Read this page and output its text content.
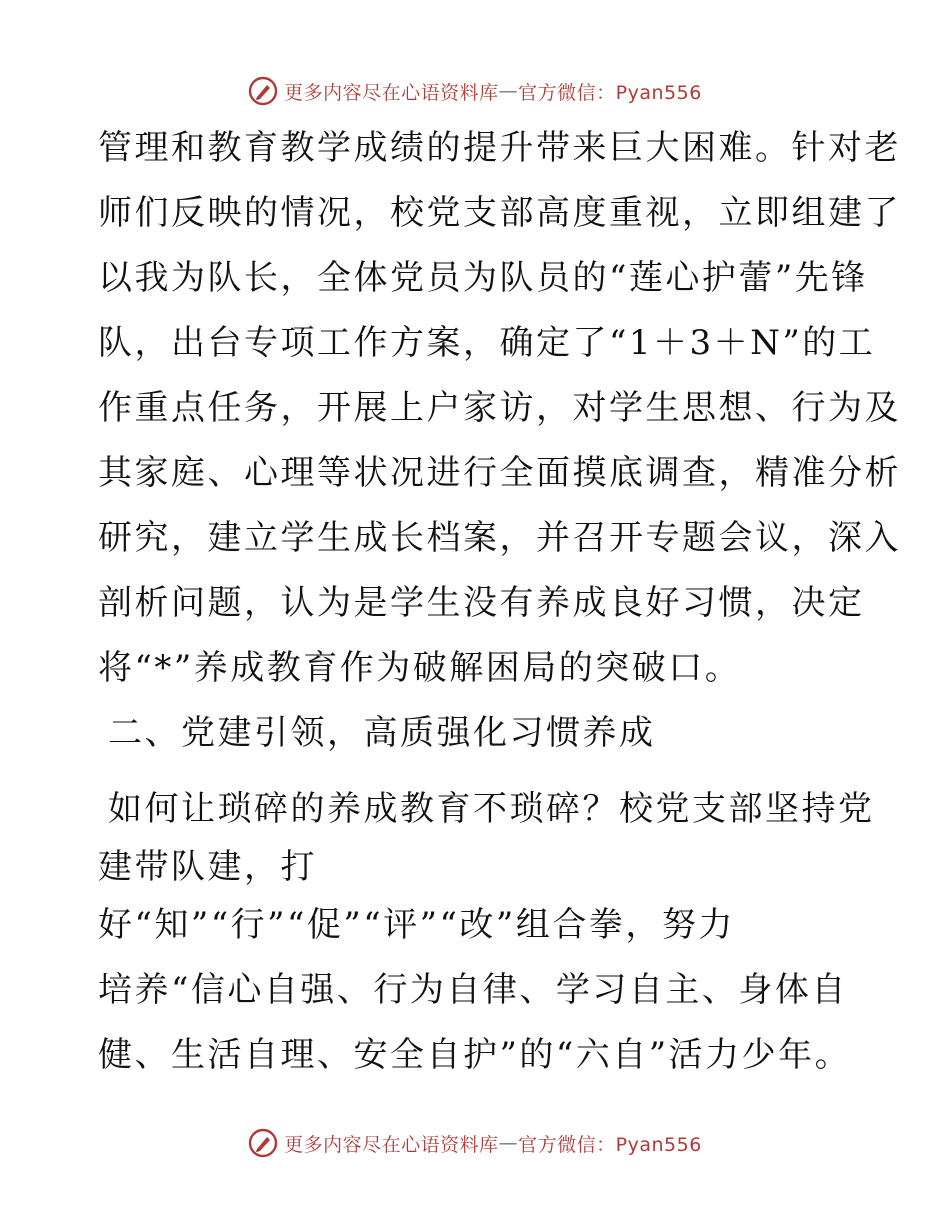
更多内容尽在心语资料库 — 官方微信：Pyan556

管理和教育教学成绩的提升带来巨大困难。针对老

师们反映的情况，校党支部高度重视，立即组建了

以我为队长，全体党员为队员的“莲心护蕾”先锋

队，出台专项工作方案，确定了“1＋3＋N”的工

作重点任务，开展上户家访，对学生思想、行为及

其家庭、心理等状况进行全面摸底调查，精准分析

研究，建立学生成长档案，并召开专题会议，深入

剖析问题，认为是学生没有养成良好习惯，决定

将“*”养成教育作为破解困局的突破口。

二、党建引领，高质强化习惯养成

如何让琐碎的养成教育不琐碎？校党支部坚持党

建带队建，打

好“知”“行”“促”“评”“改”组合拳，努力

培养“信心自强、行为自律、学习自主、身体自

健、生活自理、安全自护”的“六自”活力少年。

更多内容尽在心语资料库 — 官方微信：Pyan556
